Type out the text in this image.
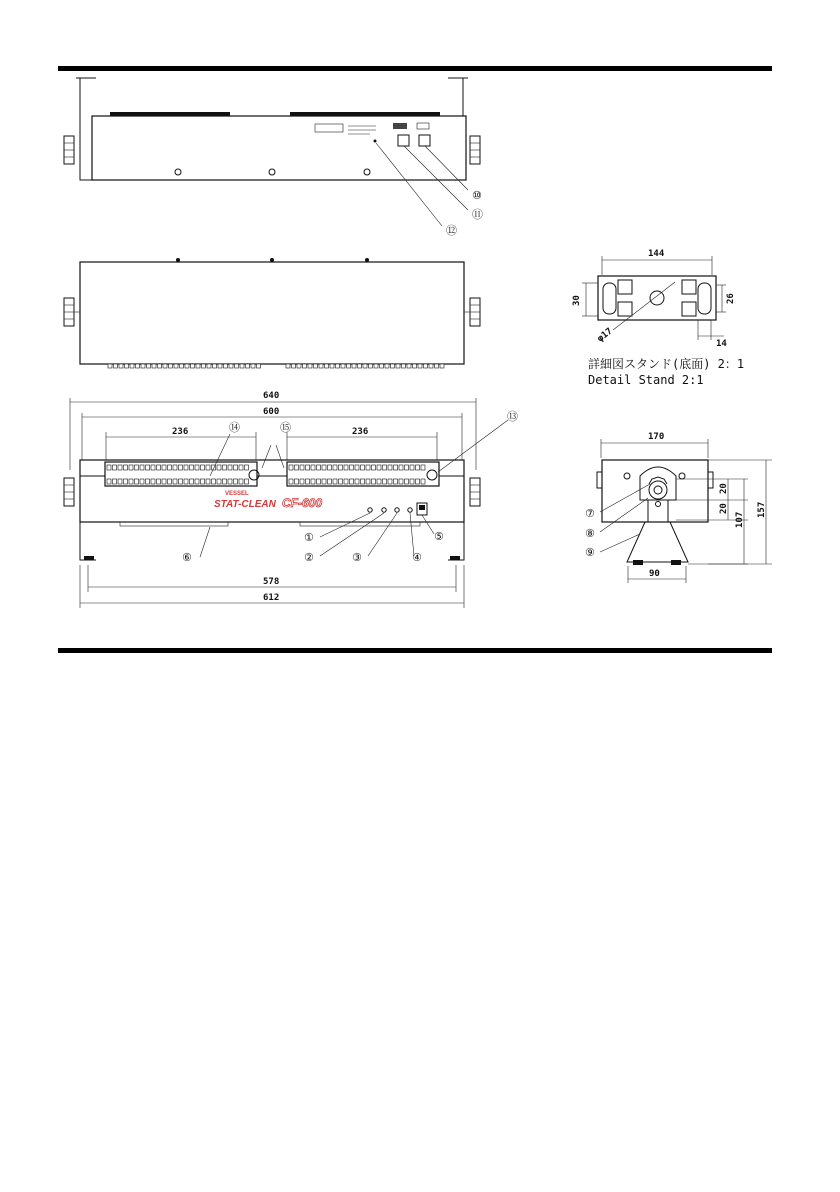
⑩
⑪
⑫
VESSEL
STAT-CLEAN CF-600
640
600
236	236
578
612
⑭	⑮
⑬
⑥
①
②	③	④
⑤
144
30	26
14
φ17
詳細図スタンド(底面) 2：1
Detail Stand 2:1
170
20
20
107
157
90
⑦
⑧
⑨
